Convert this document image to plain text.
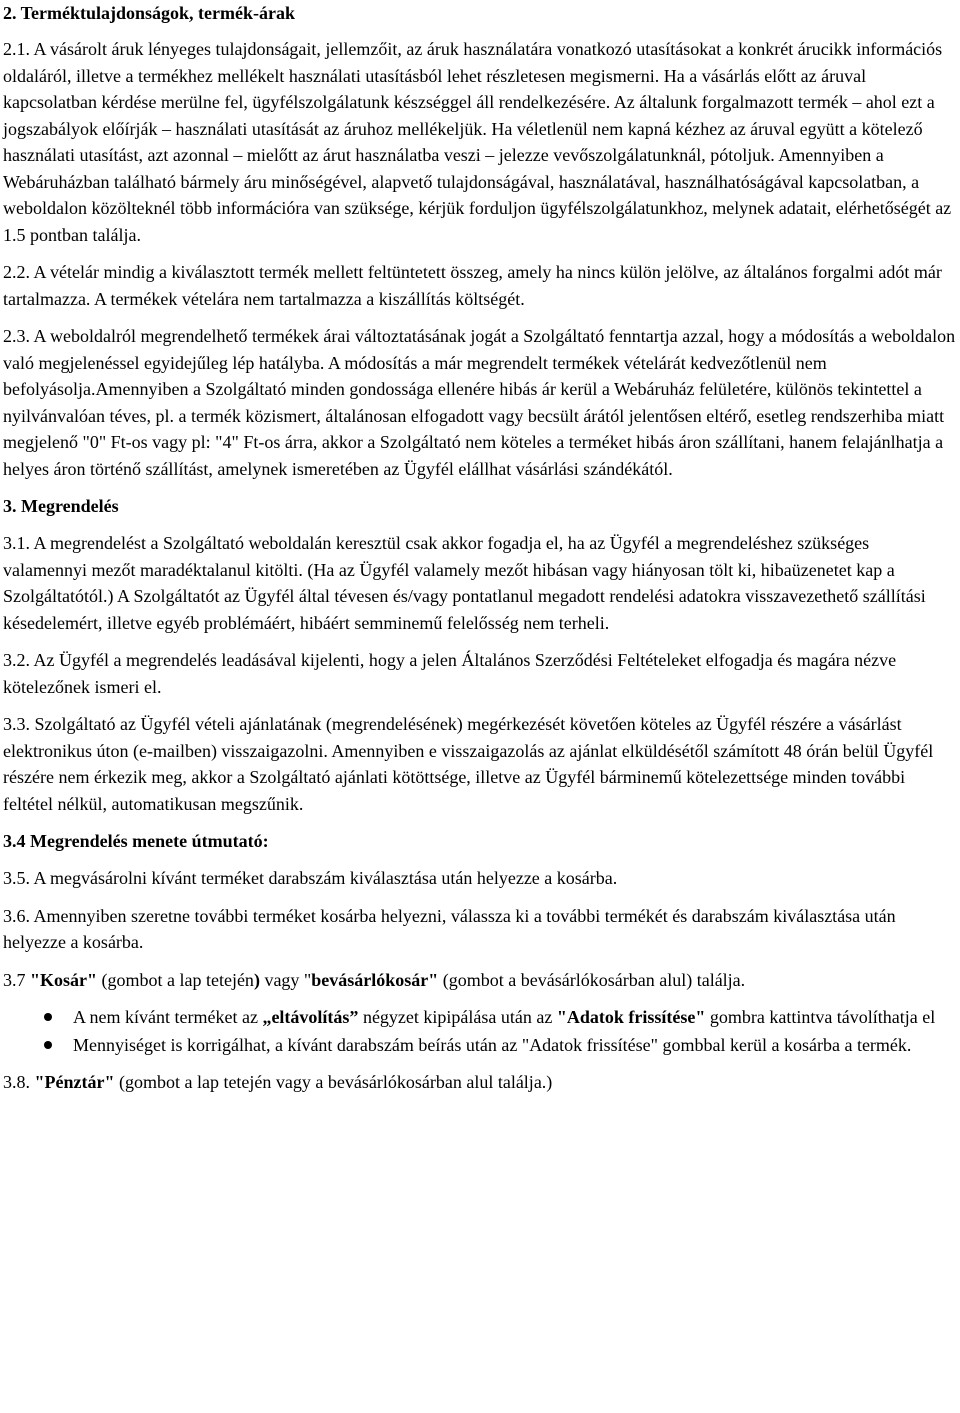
2. Terméktulajdonságok, termék-árak

2.1. A vásárolt áruk lényeges tulajdonságait, jellemzőit, az áruk használatára vonatkozó utasításokat a konkrét árucikk információs oldaláról, illetve a termékhez mellékelt használati utasításból lehet részletesen megismerni. Ha a vásárlás előtt az áruval kapcsolatban kérdése merülne fel, ügyfélszolgálatunk készséggel áll rendelkezésére. Az általunk forgalmazott termék – ahol ezt a jogszabályok előírják – használati utasítását az áruhoz mellékeljük. Ha véletlenül nem kapná kézhez az áruval együtt a kötelező használati utasítást, azt azonnal – mielőtt az árut használatba veszi – jelezze vevőszolgálatunknál, pótoljuk. Amennyiben a Webáruházban található bármely áru minőségével, alapvető tulajdonságával, használatával, használhatóságával kapcsolatban, a weboldalon közölteknél több információra van szüksége, kérjük forduljon ügyfélszolgálatunkhoz, melynek adatait, elérhetőségét az 1.5 pontban találja.

2.2. A vételár mindig a kiválasztott termék mellett feltüntetett összeg, amely ha nincs külön jelölve, az általános forgalmi adót már tartalmazza. A termékek vételára nem tartalmazza a kiszállítás költségét.

2.3. A weboldalról megrendelhető termékek árai változtatásának jogát a Szolgáltató fenntartja azzal, hogy a módosítás a weboldalon való megjelenéssel egyidejűleg lép hatályba. A módosítás a már megrendelt termékek vételárát kedvezőtlenül nem befolyásolja.Amennyiben a Szolgáltató minden gondossága ellenére hibás ár kerül a Webáruház felületére, különös tekintettel a nyilvánvalóan téves, pl. a termék közismert, általánosan elfogadott vagy becsült árától jelentősen eltérő, esetleg rendszerhiba miatt megjelenő "0" Ft-os vagy pl: "4" Ft-os árra, akkor a Szolgáltató nem köteles a terméket hibás áron szállítani, hanem felajánlhatja a helyes áron történő szállítást, amelynek ismeretében az Ügyfél elállhat vásárlási szándékától.

3. Megrendelés

3.1. A megrendelést a Szolgáltató weboldalán keresztül csak akkor fogadja el, ha az Ügyfél a megrendeléshez szükséges valamennyi mezőt maradéktalanul kitölti. (Ha az Ügyfél valamely mezőt hibásan vagy hiányosan tölt ki, hibaüzenetet kap a Szolgáltatótól.) A Szolgáltatót az Ügyfél által tévesen és/vagy pontatlanul megadott rendelési adatokra visszavezethető szállítási késedelemért, illetve egyéb problémáért, hibáért semminemű felelősség nem terheli.

3.2. Az Ügyfél a megrendelés leadásával kijelenti, hogy a jelen Általános Szerződési Feltételeket elfogadja és magára nézve kötelezőnek ismeri el.

3.3. Szolgáltató az Ügyfél vételi ajánlatának (megrendelésének) megérkezését követően köteles az Ügyfél részére a vásárlást elektronikus úton (e-mailben) visszaigazolni. Amennyiben e visszaigazolás az ajánlat elküldésétől számított 48 órán belül Ügyfél részére nem érkezik meg, akkor a Szolgáltató ajánlati kötöttsége, illetve az Ügyfél bárminemű kötelezettsége minden további feltétel nélkül, automatikusan megszűnik.

3.4 Megrendelés menete útmutató:

3.5. A megvásárolni kívánt terméket darabszám kiválasztása után helyezze a kosárba.

3.6. Amennyiben szeretne további terméket kosárba helyezni, válassza ki a további termékét és darabszám kiválasztása után helyezze a kosárba.

3.7 "Kosár" (gombot a lap tetején) vagy "bevásárlókosár" (gombot a bevásárlókosárban alul) találja.

A nem kívánt terméket az „eltávolítás” négyzet kipipálása után az "Adatok frissítése" gombra kattintva távolíthatja el
Mennyiséget is korrigálhat, a kívánt darabszám beírás után az "Adatok frissítése" gombbal kerül a kosárba a termék.

3.8. "Pénztár" (gombot a lap tetején vagy a bevásárlókosárban alul találja.)
